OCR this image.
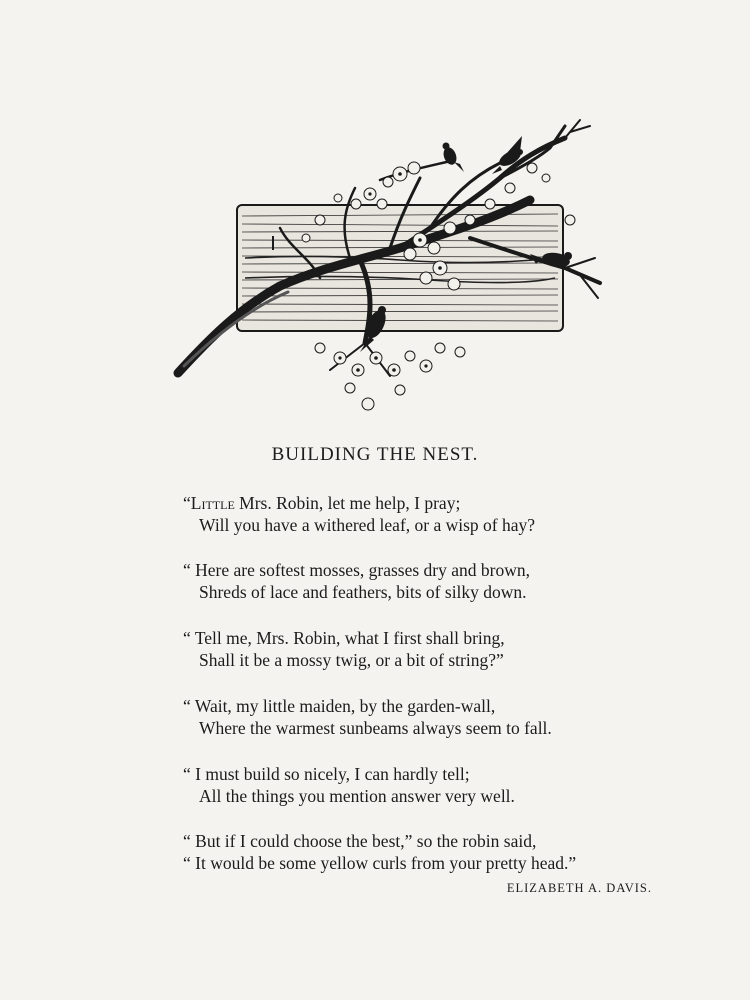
BUILDING THE NEST.
“Little Mrs. Robin, let me help, I pray;
Will you have a withered leaf, or a wisp of hay?
“ Here are softest mosses, grasses dry and brown,
Shreds of lace and feathers, bits of silky down.
“ Tell me, Mrs. Robin, what I first shall bring,
Shall it be a mossy twig, or a bit of string?”
“ Wait, my little maiden, by the garden-wall,
Where the warmest sunbeams always seem to fall.
“ I must build so nicely, I can hardly tell;
All the things you mention answer very well.
“ But if I could choose the best,” so the robin said,
“ It would be some yellow curls from your pretty head.”
ELIZABETH A. DAVIS.
